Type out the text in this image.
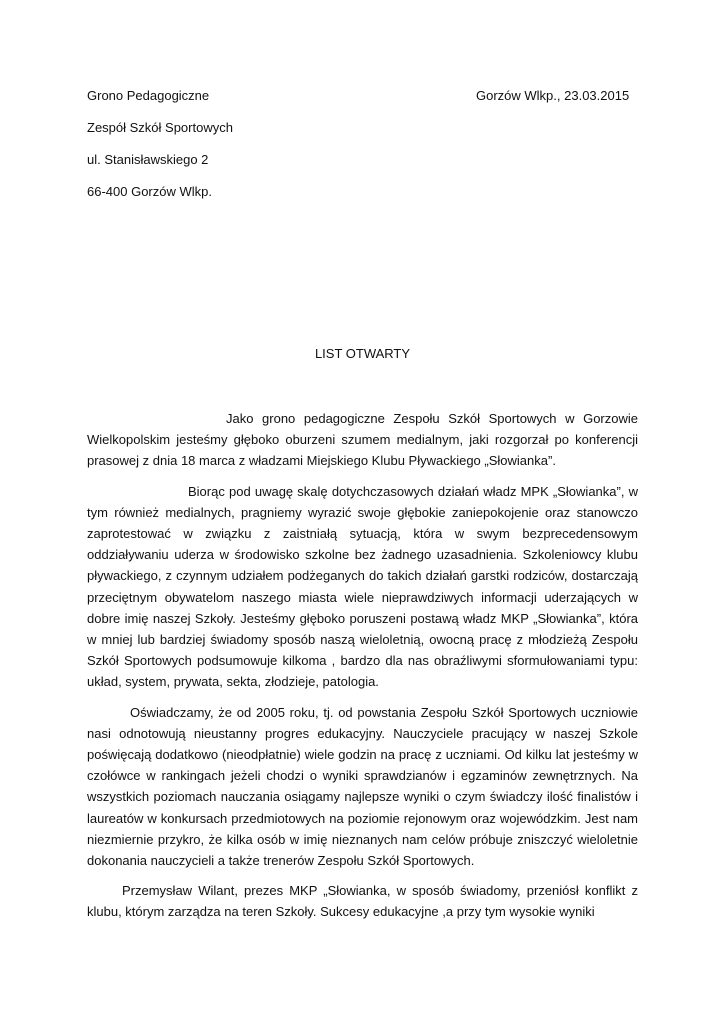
Grono Pedagogiczne
Zespół Szkół Sportowych
ul. Stanisławskiego 2
66-400 Gorzów Wlkp.
Gorzów Wlkp., 23.03.2015
LIST OTWARTY

Jako grono pedagogiczne Zespołu Szkół Sportowych w Gorzowie Wielkopolskim jesteśmy głęboko oburzeni szumem medialnym, jaki rozgorzał po konferencji prasowej z dnia 18 marca z władzami Miejskiego Klubu Pływackiego „Słowianka”.

Biorąc pod uwagę skalę dotychczasowych działań władz MPK „Słowianka”, w tym również medialnych, pragniemy wyrazić swoje głębokie zaniepokojenie oraz stanowczo zaprotestować w związku z zaistniałą sytuacją, która w swym bezprecedensowym oddziaływaniu uderza w środowisko szkolne bez żadnego uzasadnienia. Szkoleniowcy klubu pływackiego, z czynnym udziałem podżeganych do takich działań garstki rodziców, dostarczają przeciętnym obywatelom naszego miasta wiele nieprawdziwych informacji uderzających w dobre imię naszej Szkoły. Jesteśmy głęboko poruszeni postawą władz MKP „Słowianka”, która w mniej lub bardziej świadomy sposób naszą wieloletnią, owocną pracę z młodzieżą Zespołu Szkół Sportowych podsumowuje kilkoma , bardzo dla nas obraźliwymi sformułowaniami typu: układ, system, prywata, sekta, złodzieje, patologia.

Oświadczamy, że od 2005 roku, tj. od powstania Zespołu Szkół Sportowych uczniowie nasi odnotowują nieustanny progres edukacyjny. Nauczyciele pracujący w naszej Szkole poświęcają dodatkowo (nieodpłatnie) wiele godzin na pracę z uczniami. Od kilku lat jesteśmy w czołówce w rankingach jeżeli chodzi o wyniki sprawdzianów i egzaminów zewnętrznych. Na wszystkich poziomach nauczania osiągamy najlepsze wyniki o czym świadczy ilość finalistów i laureatów w konkursach przedmiotowych na poziomie rejonowym oraz wojewódzkim. Jest nam niezmiernie przykro, że kilka osób w imię nieznanych nam celów próbuje zniszczyć wieloletnie dokonania nauczycieli a także trenerów Zespołu Szkół Sportowych.

Przemysław Wilant, prezes MKP „Słowianka, w sposób świadomy, przeniósł konflikt z klubu, którym zarządza na teren Szkoły. Sukcesy edukacyjne ,a przy tym wysokie wyniki
